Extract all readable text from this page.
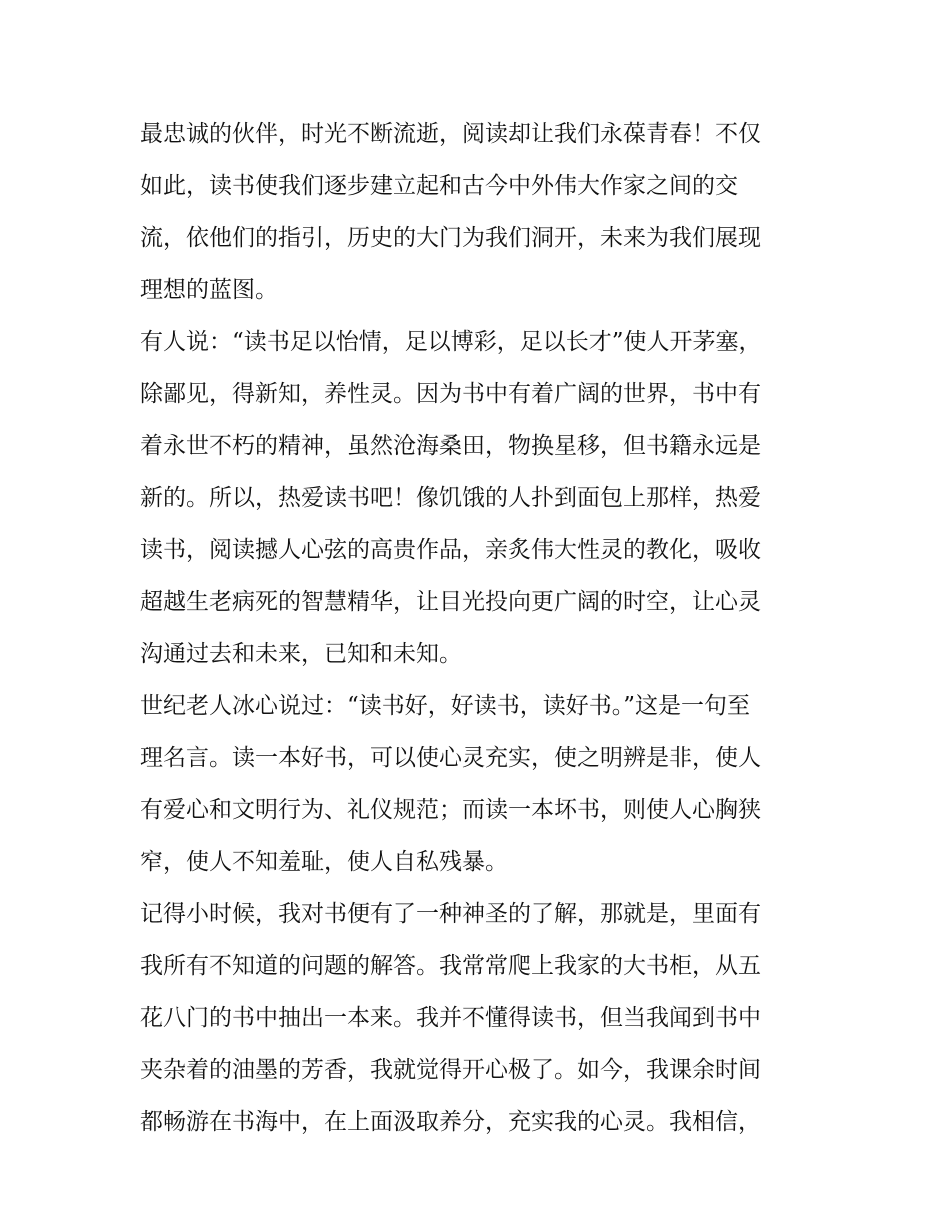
最忠诚的伙伴，时光不断流逝，阅读却让我们永葆青春！不仅
如此，读书使我们逐步建立起和古今中外伟大作家之间的交
流，依他们的指引，历史的大门为我们洞开，未来为我们展现
理想的蓝图。
有人说：“读书足以怡情，足以博彩，足以长才”使人开茅塞，
除鄙见，得新知，养性灵。因为书中有着广阔的世界，书中有
着永世不朽的精神，虽然沧海桑田，物换星移，但书籍永远是
新的。所以，热爱读书吧！像饥饿的人扑到面包上那样，热爱
读书，阅读撼人心弦的高贵作品，亲炙伟大性灵的教化，吸收
超越生老病死的智慧精华，让目光投向更广阔的时空，让心灵
沟通过去和未来，已知和未知。
世纪老人冰心说过：“读书好，好读书，读好书。”这是一句至
理名言。读一本好书，可以使心灵充实，使之明辨是非，使人
有爱心和文明行为、礼仪规范；而读一本坏书，则使人心胸狭
窄，使人不知羞耻，使人自私残暴。
记得小时候，我对书便有了一种神圣的了解，那就是，里面有
我所有不知道的问题的解答。我常常爬上我家的大书柜，从五
花八门的书中抽出一本来。我并不懂得读书，但当我闻到书中
夹杂着的油墨的芳香，我就觉得开心极了。如今，我课余时间
都畅游在书海中，在上面汲取养分，充实我的心灵。我相信，
